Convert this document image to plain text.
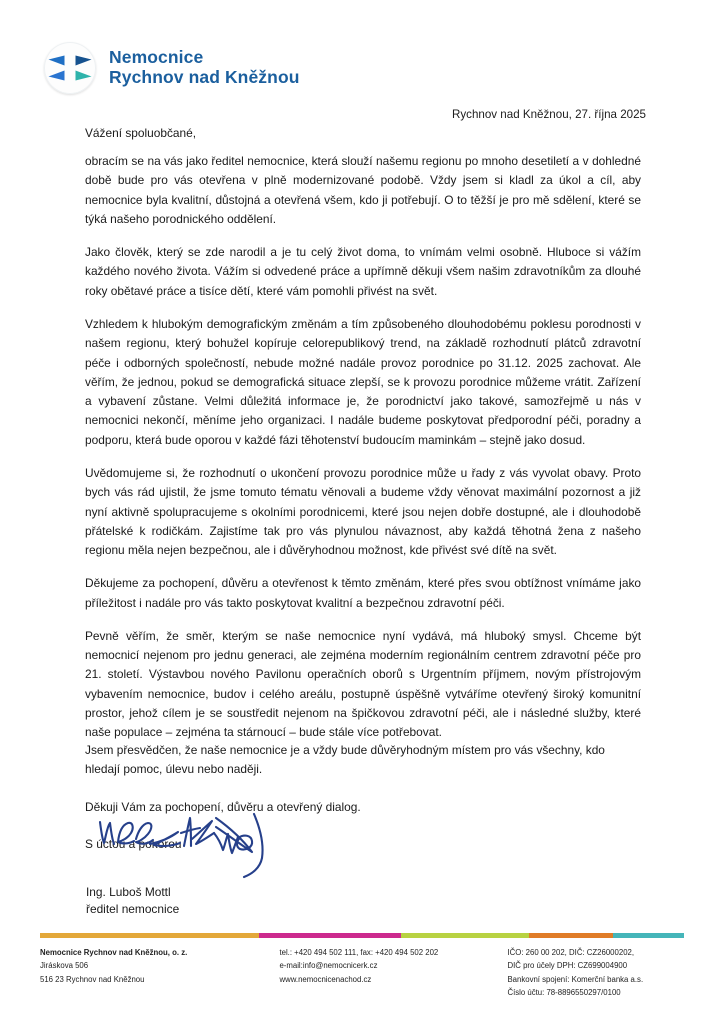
Nemocnice
Rychnov nad Kněžnou
Rychnov nad Kněžnou, 27. října 2025
Vážení spoluobčané,

obracím se na vás jako ředitel nemocnice, která slouží našemu regionu po mnoho desetiletí a v dohledné době bude pro vás otevřena v plně modernizované podobě. Vždy jsem si kladl za úkol a cíl, aby nemocnice byla kvalitní, důstojná a otevřená všem, kdo ji potřebují. O to těžší je pro mě sdělení, které se týká našeho porodnického oddělení.

Jako člověk, který se zde narodil a je tu celý život doma, to vnímám velmi osobně. Hluboce si vážím každého nového života. Vážím si odvedené práce a upřímně děkuji všem našim zdravotníkům za dlouhé roky obětavé práce a tisíce dětí, které vám pomohli přivést na svět.

Vzhledem k hlubokým demografickým změnám a tím způsobeného dlouhodobému poklesu porodnosti v našem regionu, který bohužel kopíruje celorepublikový trend, na základě rozhodnutí plátců zdravotní péče i odborných společností, nebude možné nadále provoz porodnice po 31.12. 2025 zachovat. Ale věřím, že jednou, pokud se demografická situace zlepší, se k provozu porodnice můžeme vrátit. Zařízení a vybavení zůstane. Velmi důležitá informace je, že porodnictví jako takové, samozřejmě u nás v nemocnici nekončí, měníme jeho organizaci. I nadále budeme poskytovat předporodní péči, poradny a podporu, která bude oporou v každé fázi těhotenství budoucím maminkám – stejně jako dosud.

Uvědomujeme si, že rozhodnutí o ukončení provozu porodnice může u řady z vás vyvolat obavy. Proto bych vás rád ujistil, že jsme tomuto tématu věnovali a budeme vždy věnovat maximální pozornost a již nyní aktivně spolupracujeme s okolními porodnicemi, které jsou nejen dobře dostupné, ale i dlouhodobě přátelské k rodičkám. Zajistíme tak pro vás plynulou návaznost, aby každá těhotná žena z našeho regionu měla nejen bezpečnou, ale i důvěryhodnou možnost, kde přivést své dítě na svět.

Děkujeme za pochopení, důvěru a otevřenost k těmto změnám, které přes svou obtížnost vnímáme jako příležitost i nadále pro vás takto poskytovat kvalitní a bezpečnou zdravotní péči.

Pevně věřím, že směr, kterým se naše nemocnice nyní vydává, má hluboký smysl. Chceme být nemocnicí nejenom pro jednu generaci, ale zejména moderním regionálním centrem zdravotní péče pro 21. století. Výstavbou nového Pavilonu operačních oborů s Urgentním příjmem, novým přístrojovým vybavením nemocnice, budov i celého areálu, postupně úspěšně vytváříme otevřený široký komunitní prostor, jehož cílem je se soustředit nejenom na špičkovou zdravotní péči, ale i následné služby, které naše populace – zejména ta stárnoucí – bude stále více potřebovat.

Jsem přesvědčen, že naše nemocnice je a vždy bude důvěryhodným místem pro vás všechny, kdo hledají pomoc, úlevu nebo naději.

Děkuji Vám za pochopení, důvěru a otevřený dialog.

S úctou a pokorou

Ing. Luboš Mottl
ředitel nemocnice
Nemocnice Rychnov nad Kněžnou, o. z.
Jiráskova 506
516 23 Rychnov nad Kněžnou
tel.: +420 494 502 111, fax: +420 494 502 202
e-mail:info@nemocnicerk.cz
www.nemocnicenachod.cz
IČO: 260 00 202, DIČ: CZ26000202,
DIČ pro účely DPH: CZ699004900
Bankovní spojení: Komerční banka a.s.
Číslo účtu: 78-8896550297/0100
